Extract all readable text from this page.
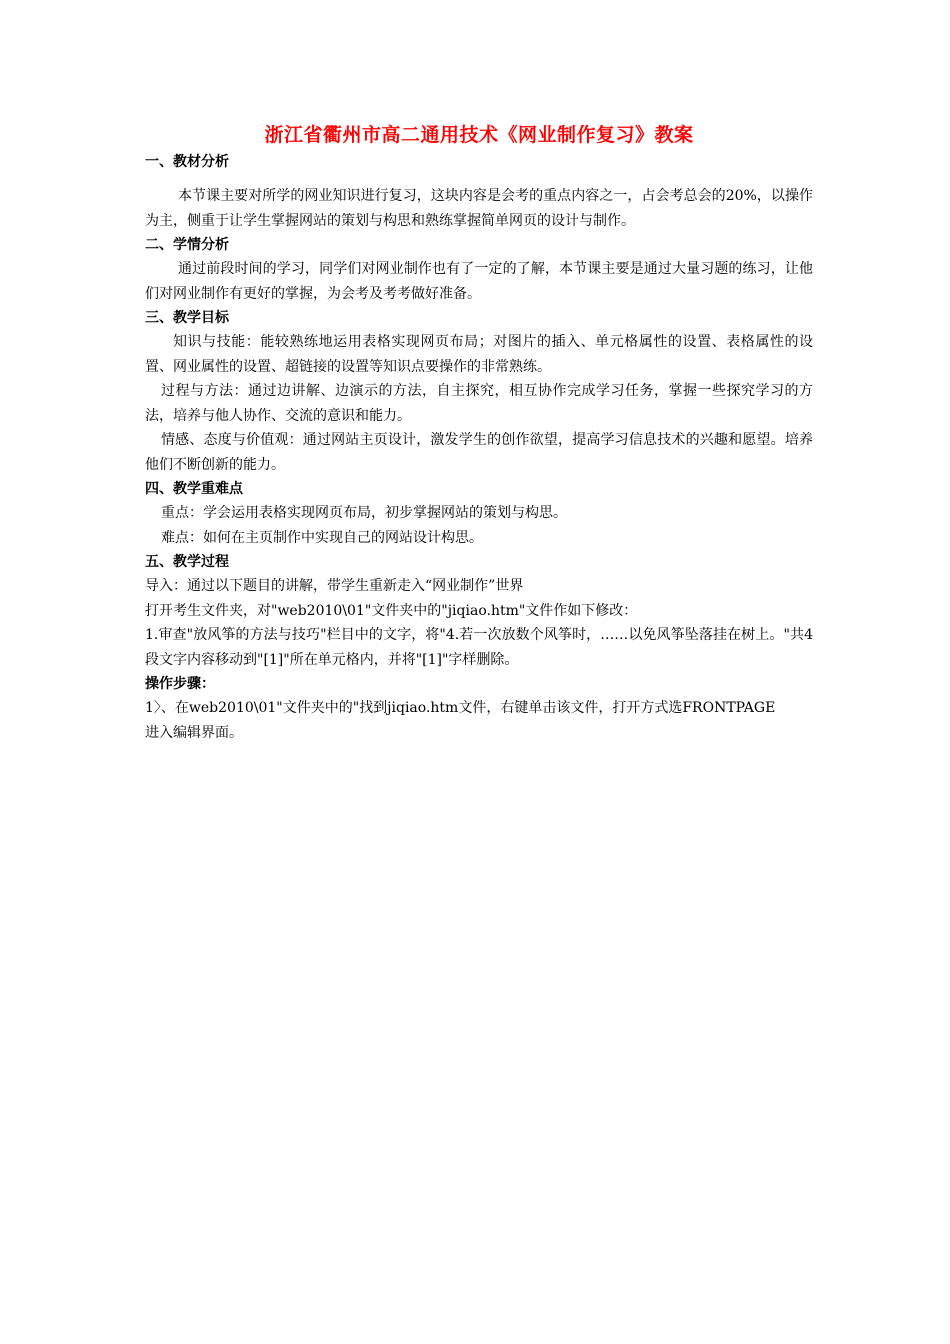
浙江省衢州市高二通用技术《网业制作复习》教案
一、教材分析
本节课主要对所学的网业知识进行复习，这块内容是会考的重点内容之一，占会考总会的20%，以操作为主，侧重于让学生掌握网站的策划与构思和熟练掌握简单网页的设计与制作。
二、学情分析
通过前段时间的学习，同学们对网业制作也有了一定的了解，本节课主要是通过大量习题的练习，让他们对网业制作有更好的掌握，为会考及考考做好准备。
三、教学目标
知识与技能：能较熟练地运用表格实现网页布局；对图片的插入、单元格属性的设置、表格属性的设置、网业属性的设置、超链接的设置等知识点要操作的非常熟练。
过程与方法：通过边讲解、边演示的方法，自主探究，相互协作完成学习任务，掌握一些探究学习的方法，培养与他人协作、交流的意识和能力。
情感、态度与价值观：通过网站主页设计，激发学生的创作欲望，提高学习信息技术的兴趣和愿望。培养他们不断创新的能力。
四、教学重难点
重点：学会运用表格实现网页布局，初步掌握网站的策划与构思。
难点：如何在主页制作中实现自己的网站设计构思。
五、教学过程
导入：通过以下题目的讲解，带学生重新走入“网业制作”世界
打开考生文件夹，对"web2010\01"文件夹中的"jiqiao.htm"文件作如下修改：
1.审查"放风筝的方法与技巧"栏目中的文字，将"4.若一次放数个风筝时，……以免风筝坠落挂在树上。"共4段文字内容移动到"[1]"所在单元格内，并将"[1]"字样删除。
操作步骤：
1〉、在web2010\01"文件夹中的"找到jiqiao.htm文件，右键单击该文件，打开方式选FRONTPAGE
进入编辑界面。
